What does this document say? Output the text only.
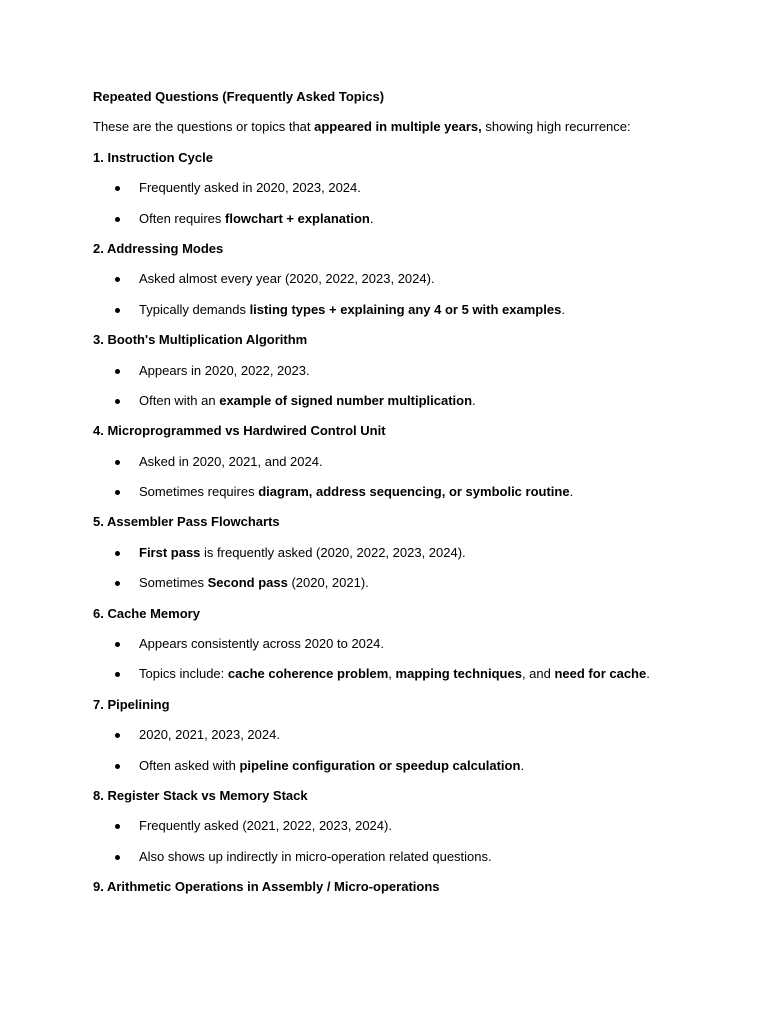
Repeated Questions (Frequently Asked Topics)
These are the questions or topics that appeared in multiple years, showing high recurrence:
1. Instruction Cycle
Frequently asked in 2020, 2023, 2024.
Often requires flowchart + explanation.
2. Addressing Modes
Asked almost every year (2020, 2022, 2023, 2024).
Typically demands listing types + explaining any 4 or 5 with examples.
3. Booth's Multiplication Algorithm
Appears in 2020, 2022, 2023.
Often with an example of signed number multiplication.
4. Microprogrammed vs Hardwired Control Unit
Asked in 2020, 2021, and 2024.
Sometimes requires diagram, address sequencing, or symbolic routine.
5. Assembler Pass Flowcharts
First pass is frequently asked (2020, 2022, 2023, 2024).
Sometimes Second pass (2020, 2021).
6. Cache Memory
Appears consistently across 2020 to 2024.
Topics include: cache coherence problem, mapping techniques, and need for cache.
7. Pipelining
2020, 2021, 2023, 2024.
Often asked with pipeline configuration or speedup calculation.
8. Register Stack vs Memory Stack
Frequently asked (2021, 2022, 2023, 2024).
Also shows up indirectly in micro-operation related questions.
9. Arithmetic Operations in Assembly / Micro-operations
